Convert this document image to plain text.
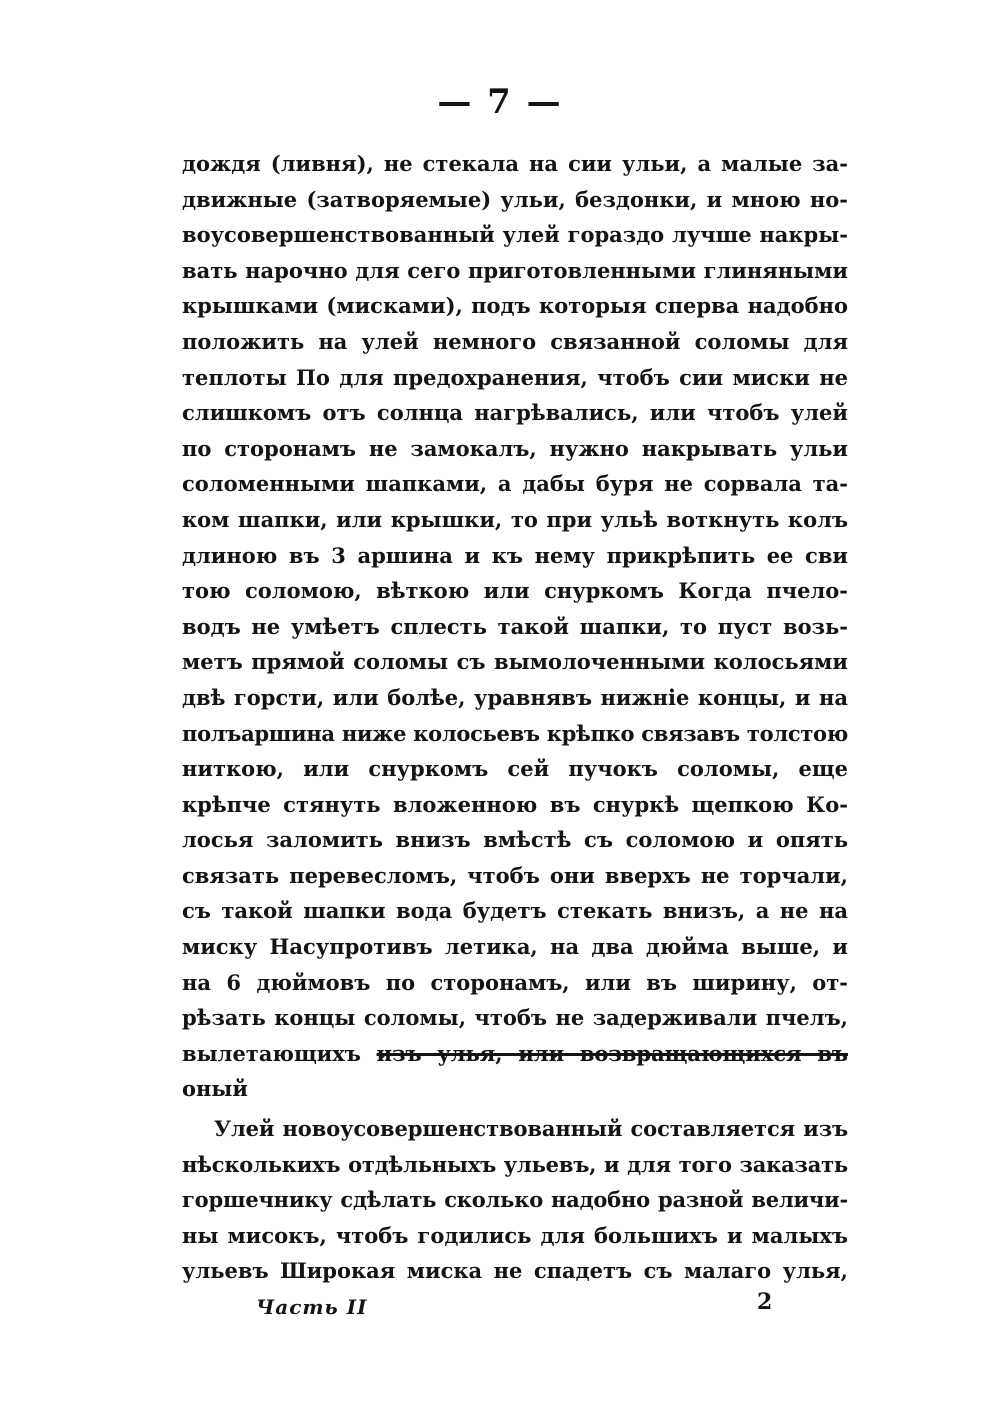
— 7 —
дождя (ливня), не стекала на сии ульи, а малые за-
движные (затворяемые) ульи, бездонки, и мною но-
воусовершенствованный улей гораздо лучше накры-
вать нарочно для сего приготовленными глиняными
крышками (мисками), подъ которыя сперва надобно
положить на улей немного связанной соломы для
теплоты По для предохранения, чтобъ сии миски не
слишкомъ отъ солнца нагрѣвались, или чтобъ улей
по сторонамъ не замокалъ, нужно накрывать ульи
соломенными шапками, а дабы буря не сорвала та-
ком шапки, или крышки, то при ульѣ воткнуть колъ
длиною въ 3 аршина и къ нему прикрѣпить ее сви
тою соломою, вѣткою или снуркомъ Когда пчело-
водъ не умѣетъ сплесть такой шапки, то пуст возь-
метъ прямой соломы съ вымолоченными колосьями
двѣ горсти, или болѣе, уравнявъ нижніе концы, и на
полъаршина ниже колосьевъ крѣпко связавъ толстою
ниткою, или снуркомъ сей пучокъ соломы, еще
крѣпче стянуть вложенною въ снуркѣ щепкою Ко-
лосья заломить внизъ вмѣстѣ съ соломою и опять
связать перевесломъ, чтобъ они вверхъ не торчали,
съ такой шапки вода будетъ стекать внизъ, а не на
миску Насупротивъ летика, на два дюйма выше, и
на 6 дюймовъ по сторонамъ, или въ ширину, от-
рѣзать концы соломы, чтобъ не задерживали пчелъ,
вылетающихъ изъ улья, или возвращающихся въ
оный
Улей новоусовершенствованный составляется изъ
нѣсколькихъ отдѣльныхъ ульевъ, и для того заказать
горшечнику сдѣлать сколько надобно разной величи-
ны мисокъ, чтобъ годились для большихъ и малыхъ
ульевъ Широкая миска не спадетъ съ малаго улья,
Часть II	2
